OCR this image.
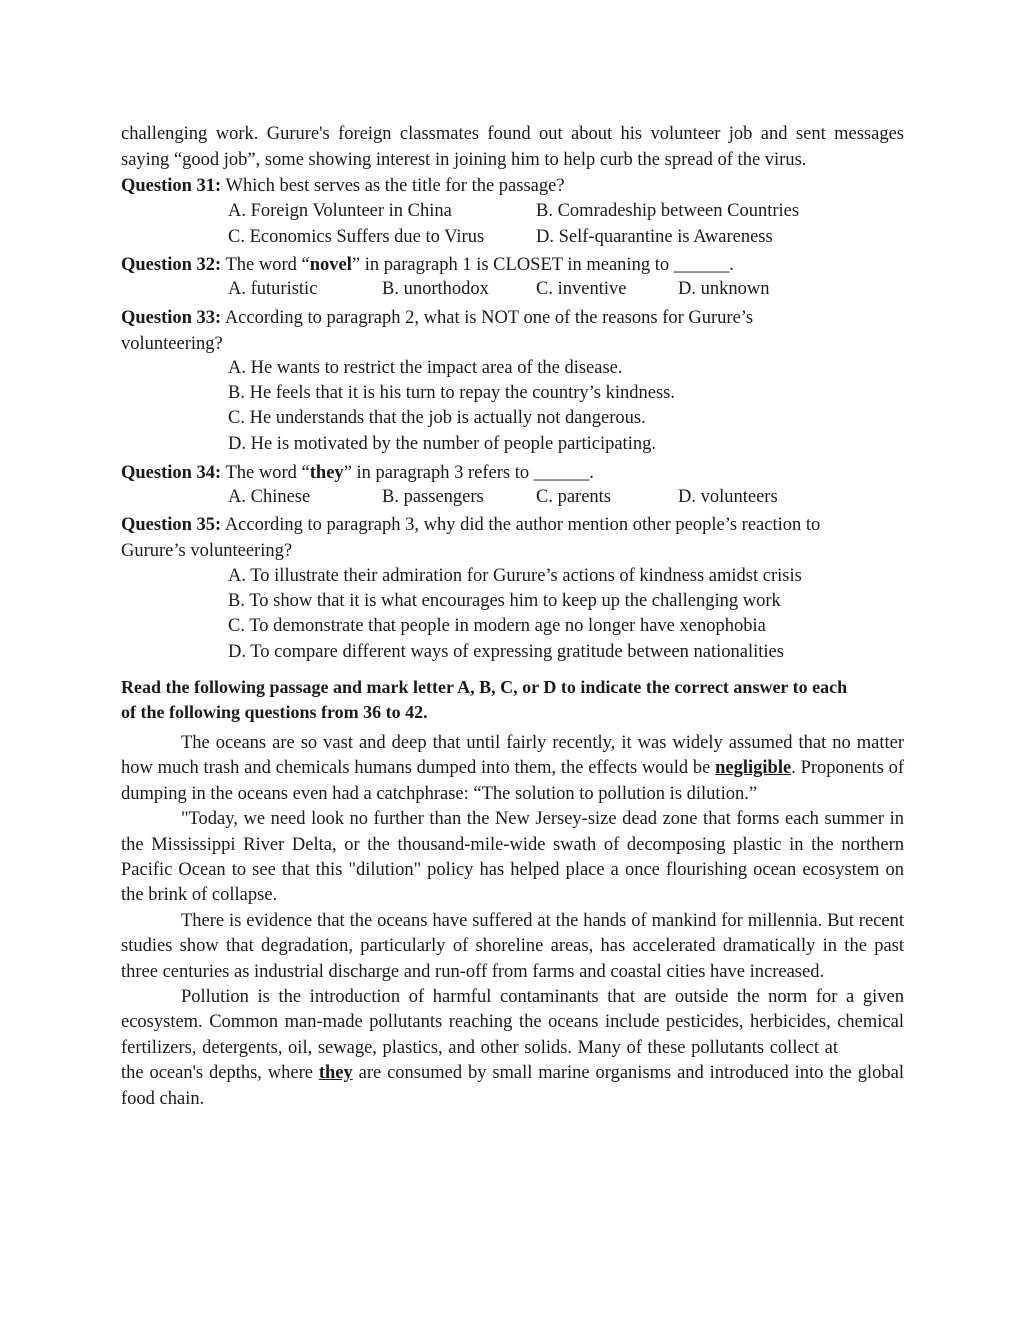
challenging work. Gurure's foreign classmates found out about his volunteer job and sent messages
saying “good job”, some showing interest in joining him to help curb the spread of the virus.
Question 31: Which best serves as the title for the passage?
A. Foreign Volunteer in China	B. Comradeship between Countries
C. Economics Suffers due to Virus	D. Self-quarantine is Awareness
Question 32: The word “novel” in paragraph 1 is CLOSET in meaning to ______.
A. futuristic	B. unorthodox	C. inventive	D. unknown
Question 33: According to paragraph 2, what is NOT one of the reasons for Gurure’s
volunteering?
A. He wants to restrict the impact area of the disease.
B. He feels that it is his turn to repay the country’s kindness.
C. He understands that the job is actually not dangerous.
D. He is motivated by the number of people participating.
Question 34: The word “they” in paragraph 3 refers to ______.
A. Chinese	B. passengers	C. parents	D. volunteers
Question 35: According to paragraph 3, why did the author mention other people’s reaction to
Gurure’s volunteering?
A. To illustrate their admiration for Gurure’s actions of kindness amidst crisis
B. To show that it is what encourages him to keep up the challenging work
C. To demonstrate that people in modern age no longer have xenophobia
D. To compare different ways of expressing gratitude between nationalities
Read the following passage and mark letter A, B, C, or D to indicate the correct answer to each
of the following questions from 36 to 42.

The oceans are so vast and deep that until fairly recently, it was widely assumed that no matter how much trash and chemicals humans dumped into them, the effects would be negligible. Proponents of dumping in the oceans even had a catchphrase: “The solution to pollution is dilution.”

"Today, we need look no further than the New Jersey-size dead zone that forms each summer in the Mississippi River Delta, or the thousand-mile-wide swath of decomposing plastic in the northern Pacific Ocean to see that this "dilution" policy has helped place a once flourishing ocean ecosystem on the brink of collapse.

There is evidence that the oceans have suffered at the hands of mankind for millennia. But recent studies show that degradation, particularly of shoreline areas, has accelerated dramatically in the past three centuries as industrial discharge and run-off from farms and coastal cities have increased.

Pollution is the introduction of harmful contaminants that are outside the norm for a given ecosystem. Common man-made pollutants reaching the oceans include pesticides, herbicides, chemical fertilizers, detergents, oil, sewage, plastics, and other solids. Many of these pollutants collect atthe ocean's depths, where they are consumed by small marine organisms and introduced into the global food chain.
